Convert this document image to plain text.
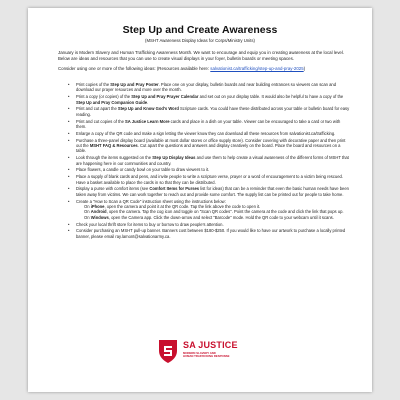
Step Up and Create Awareness
(MSHT Awareness Display Ideas for Corps/Ministry Units)
January is Modern Slavery and Human Trafficking Awareness Month. We want to encourage and equip you in creating awareness at the local level. Below are ideas and resources that you can use to create visual displays in your foyer, bulletin boards or meeting spaces.
Consider using one or more of the following ideas: (Resources available here: salvationist.ca/trafficking/step-up-and-pray-2025)
• Print copies of the Step Up and Pray Poster. Place one on your display, bulletin boards and near building entrances so viewers can scan and download our prayer resources and more over the month.
• Print a copy (or copies) of the Step Up and Pray Prayer Calendar and set out on your display table. It would also be helpful to have a copy of the Step Up and Pray Companion Guide.
• Print and cut apart the Step Up and Know God's Word Scripture cards. You could have these distributed across your table or bulletin board for easy reading.
• Print and cut copies of the SA Justice Learn More cards and place in a dish on your table. Viewer can be encouraged to take a card or two with them.
• Enlarge a copy of the QR code and make a sign letting the viewer know they can download all these resources from salvationist.ca/trafficking.
• Purchase a three-panel display board (available at most dollar stores or office supply store). Consider covering with decorative paper and then print out the MSHT FAQ & Resources. Cut apart the questions and answers and display creatively on the board. Place the board and resources on a table.
• Look through the items suggested on the Step Up Display Ideas and use them to help create a visual awareness of the different forms of MSHT that are happening here in our communities and country.
• Place flowers, a candle or candy bowl on your table to draw viewers to it.
• Place a supply of blank cards and pens, and invite people to write a scripture verse, prayer or a word of encouragement to a victim being rescued. Have a basket available to place the cards in so that they can be distributed.
• Display a purse with comfort items (see Comfort Items for Purses list for ideas) that can be a reminder that even the basic human needs have been taken away from victims. We can work together to reach out and provide some comfort. The supply list can be printed out for people to take home.
• Create a "How to Scan a QR Code" instruction sheet using the instructions below:
On iPhone, open the camera and point it at the QR code. Tap the link above the code to open it.
On Android, open the camera. Tap the cog icon and toggle on "Scan QR codes". Point the camera at the code and click the link that pops up.
On Windows, open the Camera app. Click the down-arrow and select "Barcode" mode. Hold the QR code to your webcam until it scans.
• Check your local thrift store for items to buy or borrow to draw people's attention.
• Consider purchasing an MSHT pull-up banner. Banners cost between $180-$250. If you would like to have our artwork to purchase a locally printed banner, please email ray.lamont@salvationarmy.ca.
SA JUSTICE
MODERN SLAVERY AND
HUMAN TRAFFICKING RESPONSE
